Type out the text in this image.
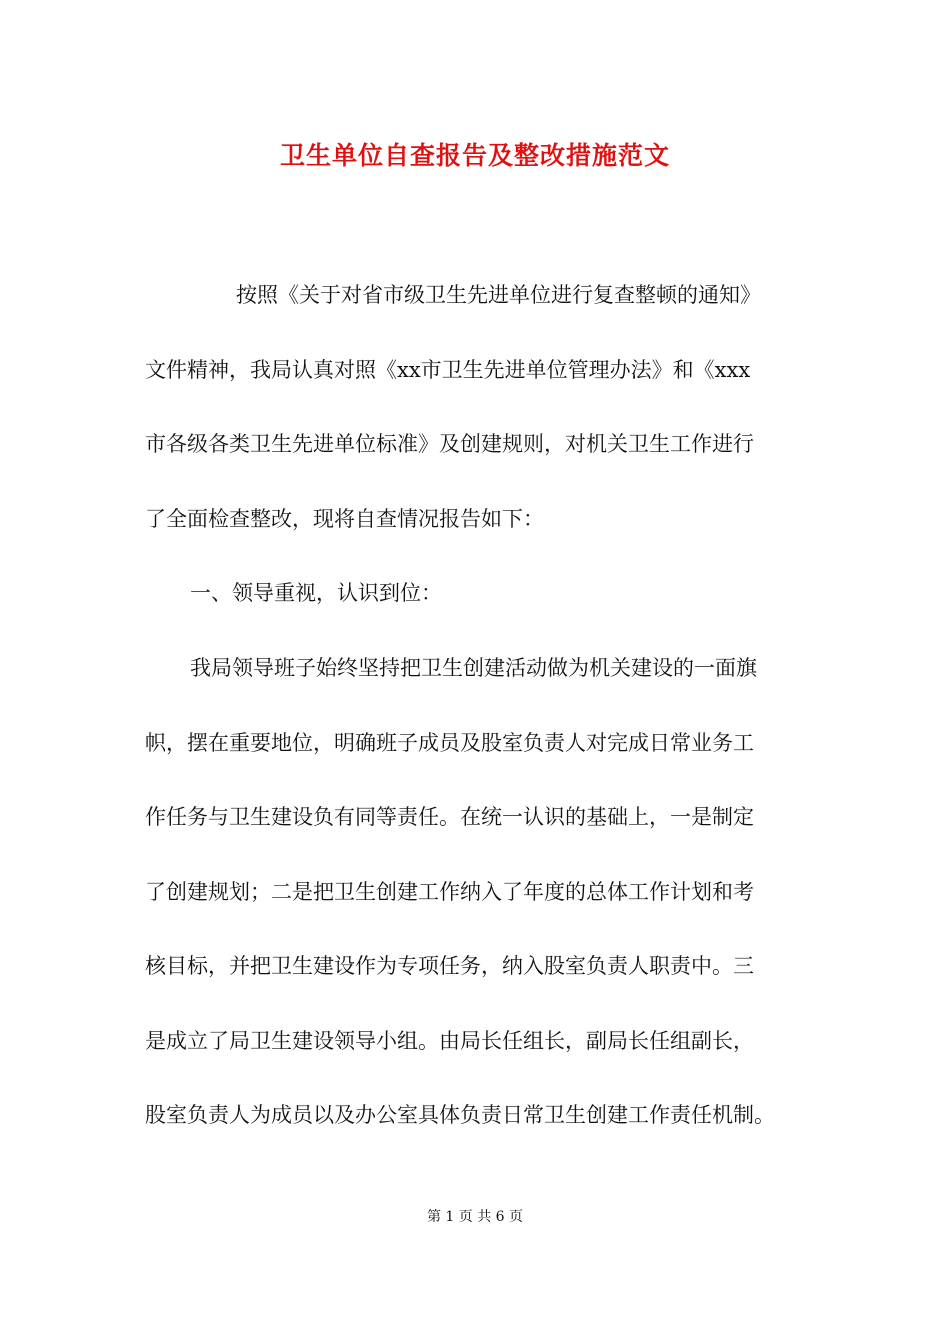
卫生单位自查报告及整改措施范文

按照《关于对省市级卫生先进单位进行复查整顿的通知》

文件精神，我局认真对照《xx市卫生先进单位管理办法》和《xxx

市各级各类卫生先进单位标准》及创建规则，对机关卫生工作进行

了全面检查整改，现将自查情况报告如下：

一、领导重视，认识到位：

我局领导班子始终坚持把卫生创建活动做为机关建设的一面旗

帜，摆在重要地位，明确班子成员及股室负责人对完成日常业务工

作任务与卫生建设负有同等责任。在统一认识的基础上，一是制定

了创建规划；二是把卫生创建工作纳入了年度的总体工作计划和考

核目标，并把卫生建设作为专项任务，纳入股室负责人职责中。三

是成立了局卫生建设领导小组。由局长任组长，副局长任组副长，

股室负责人为成员以及办公室具体负责日常卫生创建工作责任机制。

第 1 页 共 6 页
